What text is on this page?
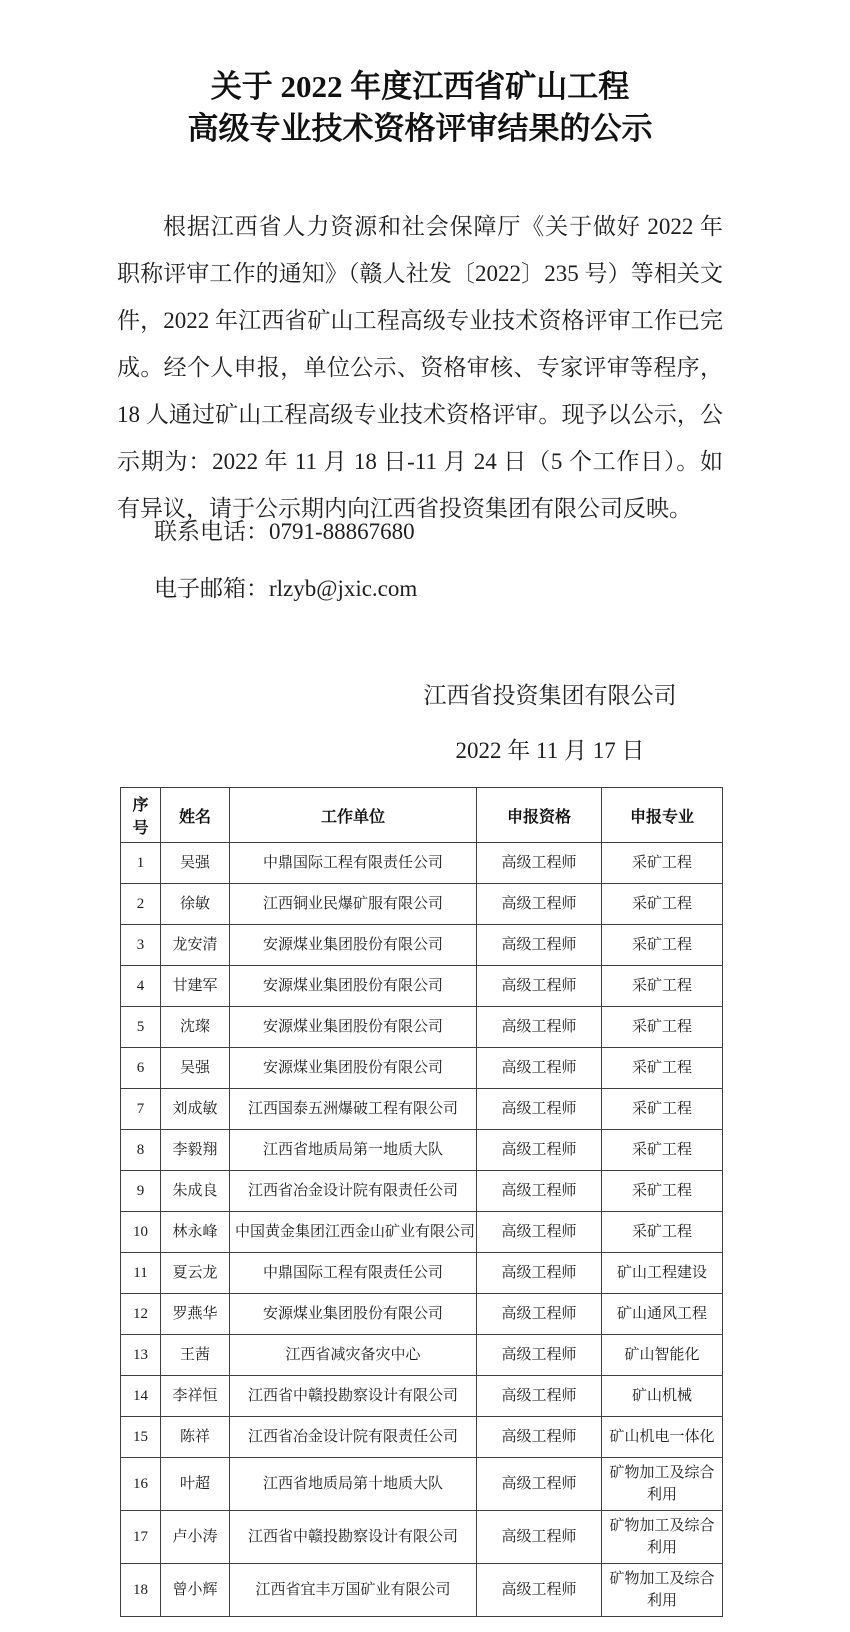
关于 2022 年度江西省矿山工程
高级专业技术资格评审结果的公示
根据江西省人力资源和社会保障厅《关于做好 2022 年职称评审工作的通知》（赣人社发〔2022〕235 号）等相关文件，2022 年江西省矿山工程高级专业技术资格评审工作已完成。经个人申报，单位公示、资格审核、专家评审等程序，18 人通过矿山工程高级专业技术资格评审。现予以公示，公示期为：2022 年 11 月 18 日-11 月 24 日（5 个工作日）。如有异议，请于公示期内向江西省投资集团有限公司反映。
联系电话：0791-88867680
电子邮箱：rlzyb@jxic.com
江西省投资集团有限公司
2022 年 11 月 17 日
序号	姓名	工作单位	申报资格	申报专业
1	吴强	中鼎国际工程有限责任公司	高级工程师	采矿工程
2	徐敏	江西铜业民爆矿服有限公司	高级工程师	采矿工程
3	龙安清	安源煤业集团股份有限公司	高级工程师	采矿工程
4	甘建军	安源煤业集团股份有限公司	高级工程师	采矿工程
5	沈璨	安源煤业集团股份有限公司	高级工程师	采矿工程
6	吴强	安源煤业集团股份有限公司	高级工程师	采矿工程
7	刘成敏	江西国泰五洲爆破工程有限公司	高级工程师	采矿工程
8	李毅翔	江西省地质局第一地质大队	高级工程师	采矿工程
9	朱成良	江西省冶金设计院有限责任公司	高级工程师	采矿工程
10	林永峰	中国黄金集团江西金山矿业有限公司	高级工程师	采矿工程
11	夏云龙	中鼎国际工程有限责任公司	高级工程师	矿山工程建设
12	罗燕华	安源煤业集团股份有限公司	高级工程师	矿山通风工程
13	王茜	江西省减灾备灾中心	高级工程师	矿山智能化
14	李祥恒	江西省中赣投勘察设计有限公司	高级工程师	矿山机械
15	陈祥	江西省冶金设计院有限责任公司	高级工程师	矿山机电一体化
16	叶超	江西省地质局第十地质大队	高级工程师	矿物加工及综合利用
17	卢小涛	江西省中赣投勘察设计有限公司	高级工程师	矿物加工及综合利用
18	曾小辉	江西省宜丰万国矿业有限公司	高级工程师	矿物加工及综合利用
